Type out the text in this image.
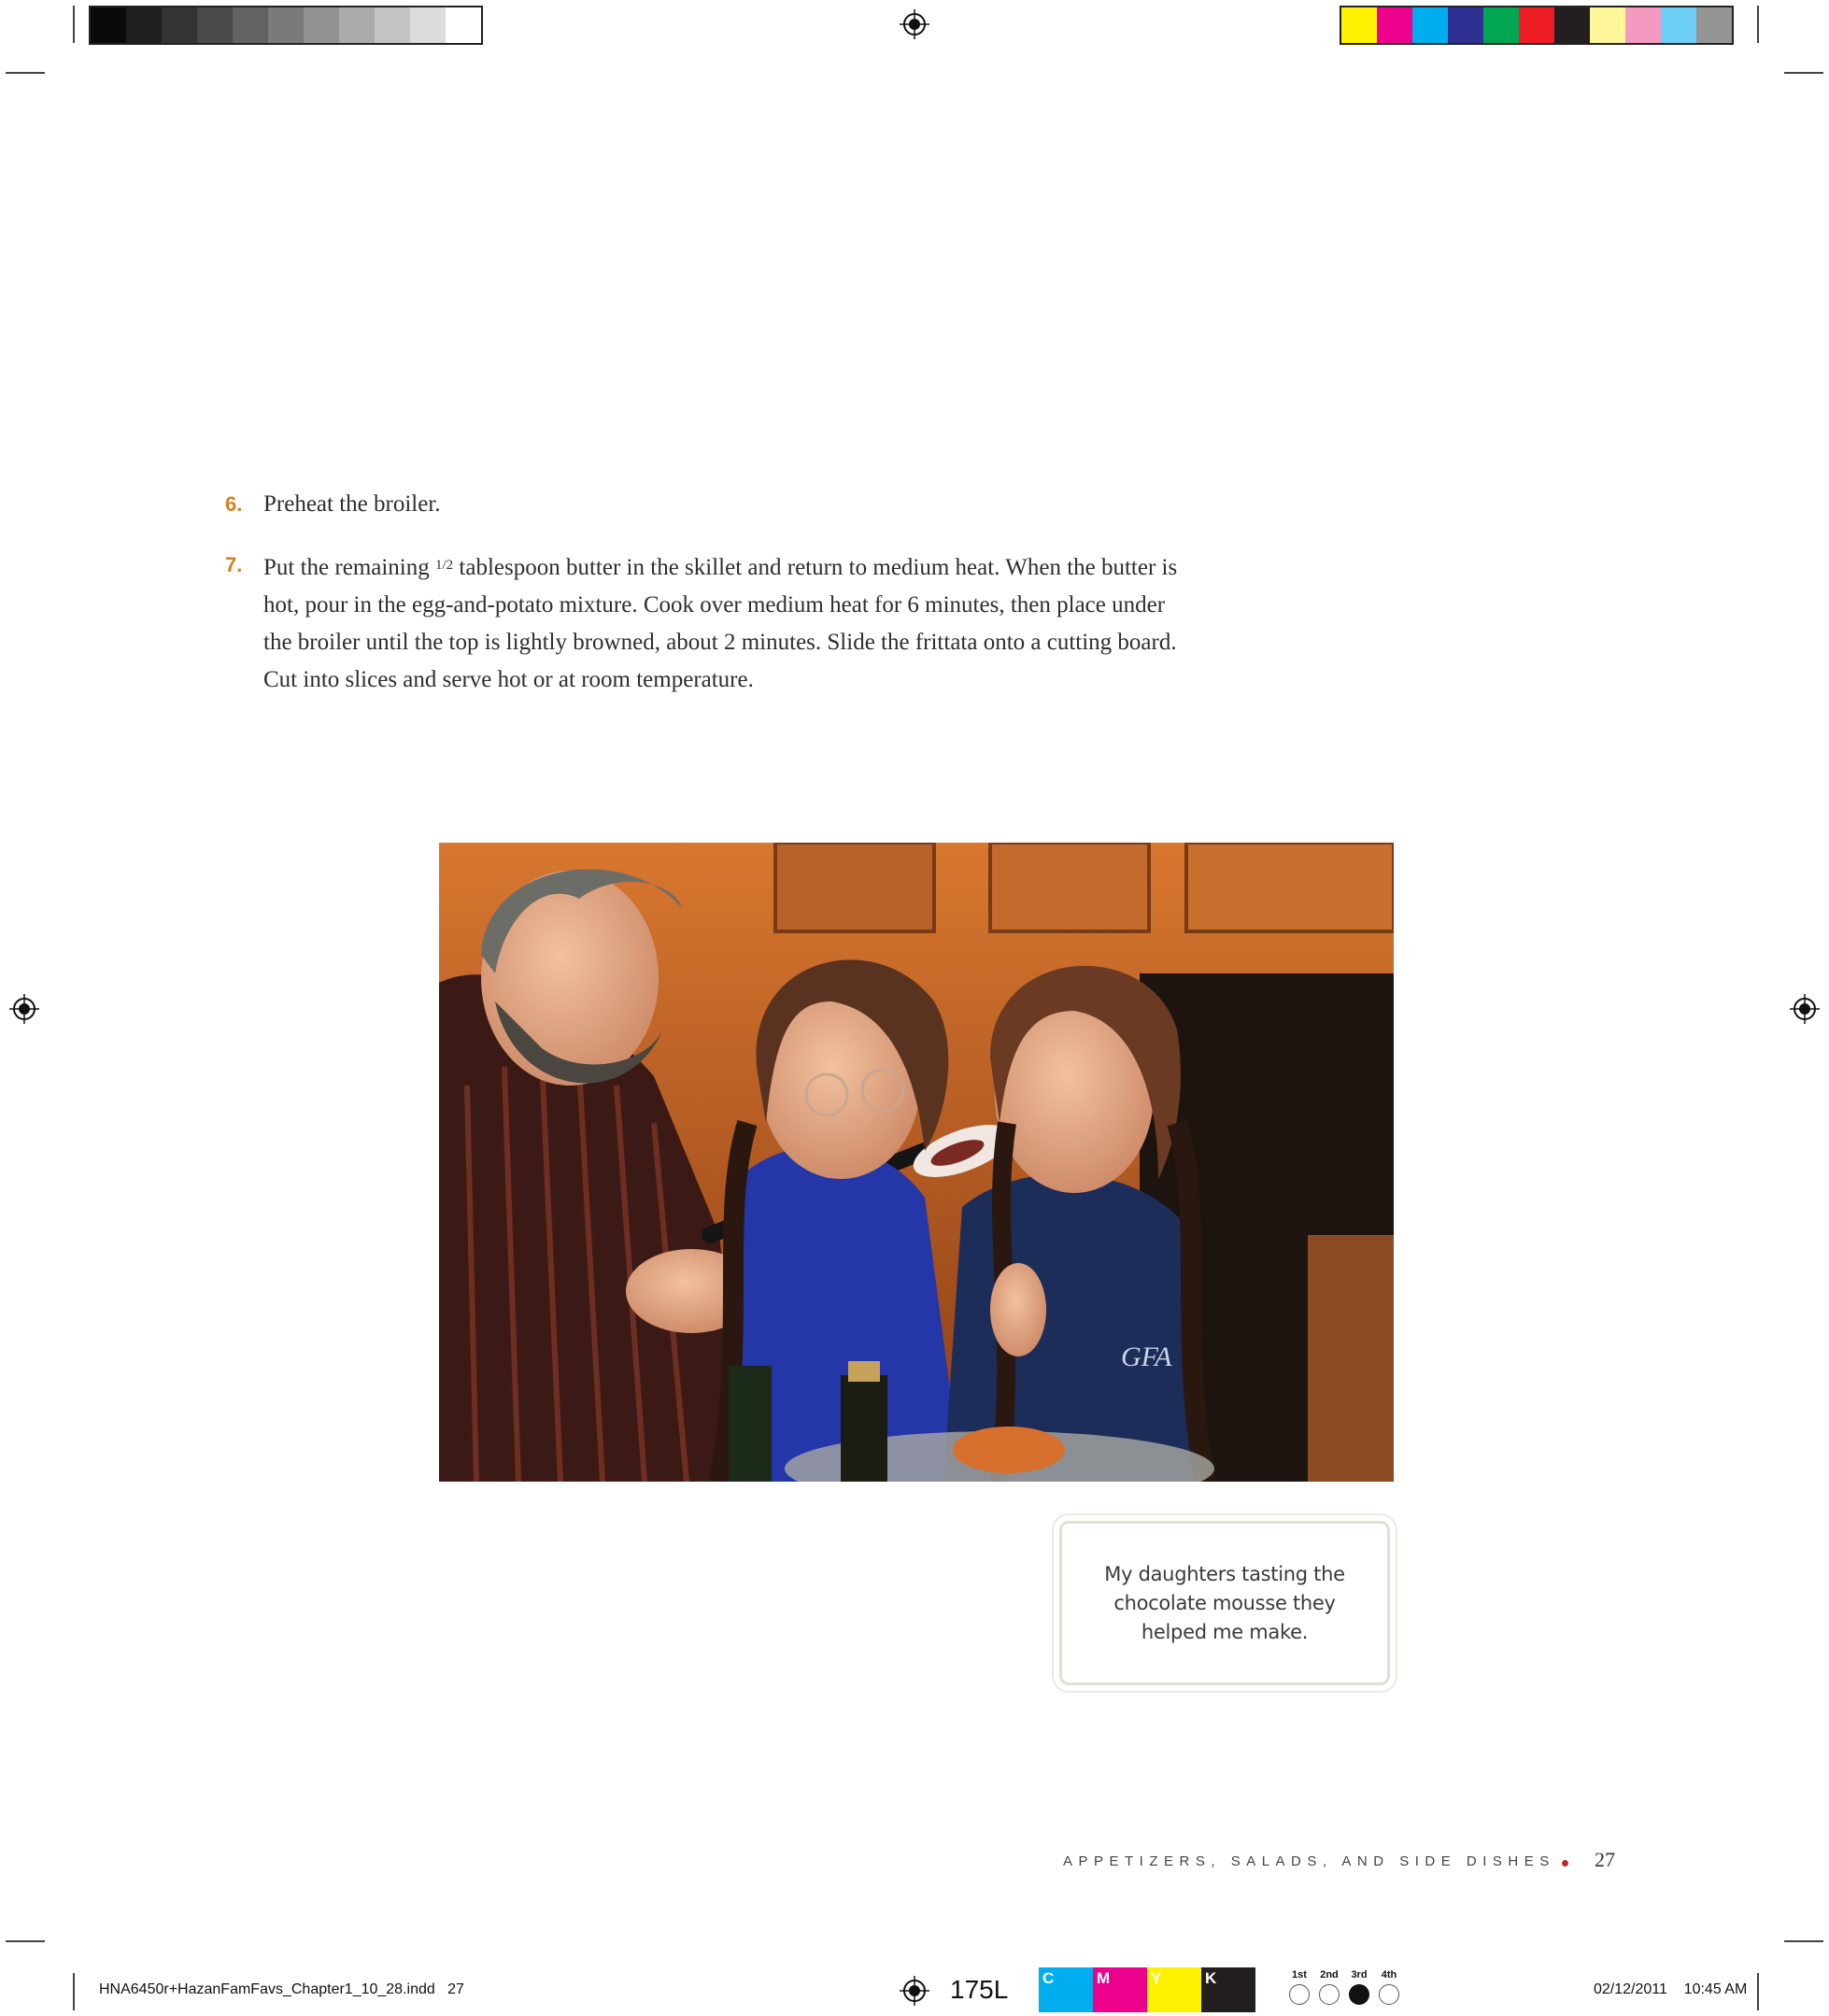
6. Preheat the broiler.
7. Put the remaining $^{1/2}$ tablespoon butter in the skillet and return to medium heat. When the butter is hot, pour in the egg-and-potato mixture. Cook over medium heat for 6 minutes, then place under the broiler until the top is lightly browned, about 2 minutes. Slide the frittata onto a cutting board. Cut into slices and serve hot or at room temperature.
GFA
My daughters tasting the chocolate mousse they helped me make.
APPETIZERS, SALADS, AND SIDE DISHES 27
HNA6450r+HazanFamFavs_Chapter1_10_28.indd 27	175L C	M	Y	K	1st	2nd	3rd	4th
02/12/2011 10:45 AM
